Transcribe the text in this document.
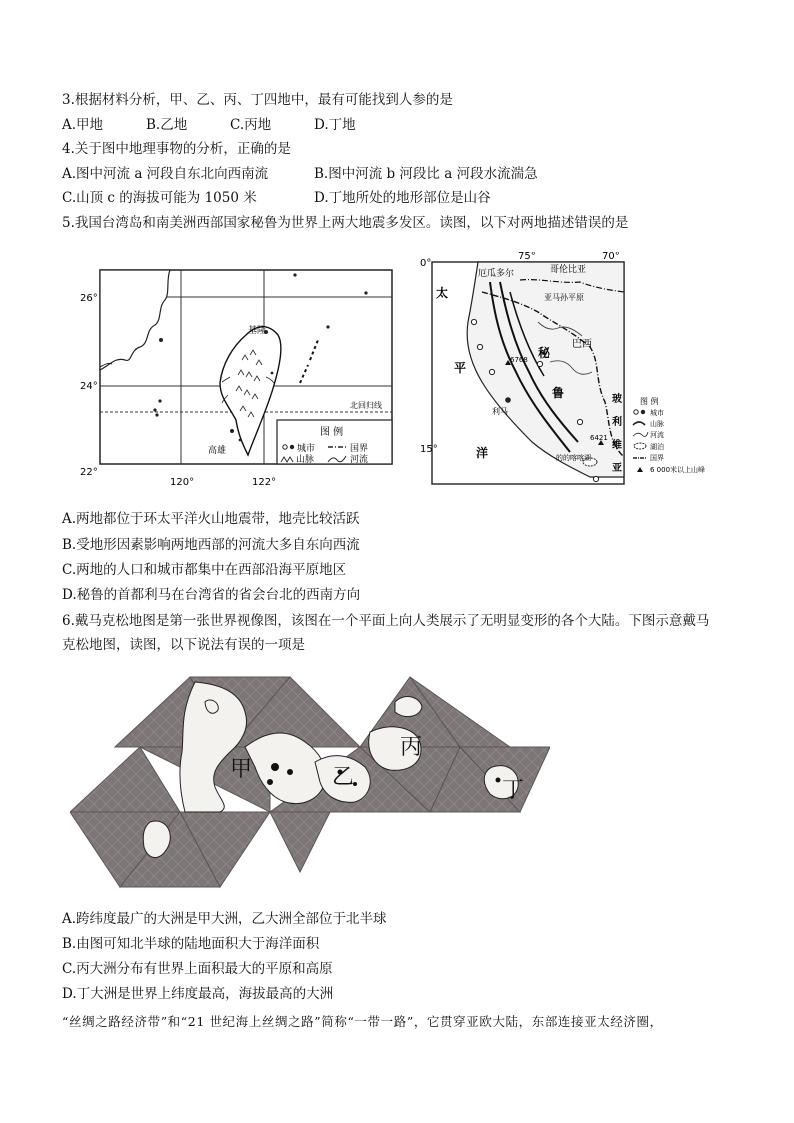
3.根据材料分析，甲、乙、丙、丁四地中，最有可能找到人参的是
A.甲地	B.乙地	C.丙地	D.丁地
4.关于图中地理事物的分析，正确的是
A.图中河流 a 河段自东北向西南流	B.图中河流 b 河段比 a 河段水流湍急
C.山顶 c 的海拔可能为 1050 米	D.丁地所处的地形部位是山谷
5.我国台湾岛和南美洲西部国家秘鲁为世界上两大地震多发区。读图，以下对两地描述错误的是
26°
24°
22°
120°	122°
基隆
高雄
北回归线
图 例
城市	国界
山脉	河流
75°	70°
0°
15°
厄瓜多尔	哥伦比亚
亚马孙平原
巴西
秘
鲁
利马
玻
利
维
亚
的的喀喀湖
6768
6421
太
平
洋
图 例
城市
山脉
河流
湖泊
国界
6 000米以上山峰
A.两地都位于环太平洋火山地震带，地壳比较活跃
B.受地形因素影响两地西部的河流大多自东向西流
C.两地的人口和城市都集中在西部沿海平原地区
D.秘鲁的首都利马在台湾省的省会台北的西南方向
6.戴马克松地图是第一张世界视像图，该图在一个平面上向人类展示了无明显变形的各个大陆。下图示意戴马
克松地图，读图，以下说法有误的一项是
甲	乙
丙
丁
A.跨纬度最广的大洲是甲大洲，乙大洲全部位于北半球
B.由图可知北半球的陆地面积大于海洋面积
C.丙大洲分布有世界上面积最大的平原和高原
D.丁大洲是世界上纬度最高，海拔最高的大洲
“丝绸之路经济带”和“21 世纪海上丝绸之路”简称“一带一路”，它贯穿亚欧大陆，东部连接亚太经济圈，
